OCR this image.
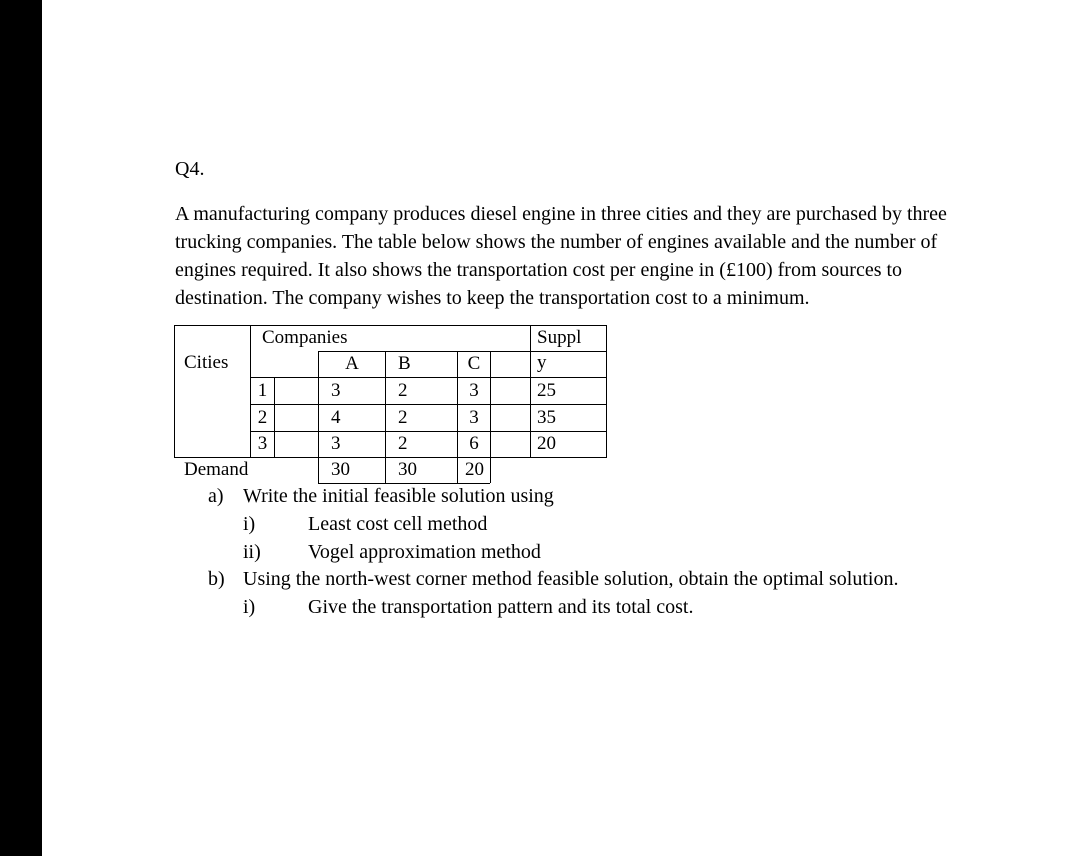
Q4.
A manufacturing company produces diesel engine in three cities and they are purchased by three
trucking companies. The table below shows the number of engines available and the number of
engines required. It also shows the transportation cost per engine in (£100) from sources to
destination. The company wishes to keep the transportation cost to a minimum.
Companies	Suppl
y
Cities	A	B	C
1	3	2	3	25
2	4	2	3	35
3	3	2	6	20
Demand	30	30	20
a) Write the initial feasible solution using
i)	Least cost cell method
ii) Vogel approximation method
b) Using the north-west corner method feasible solution, obtain the optimal solution.
i)	Give the transportation pattern and its total cost.
